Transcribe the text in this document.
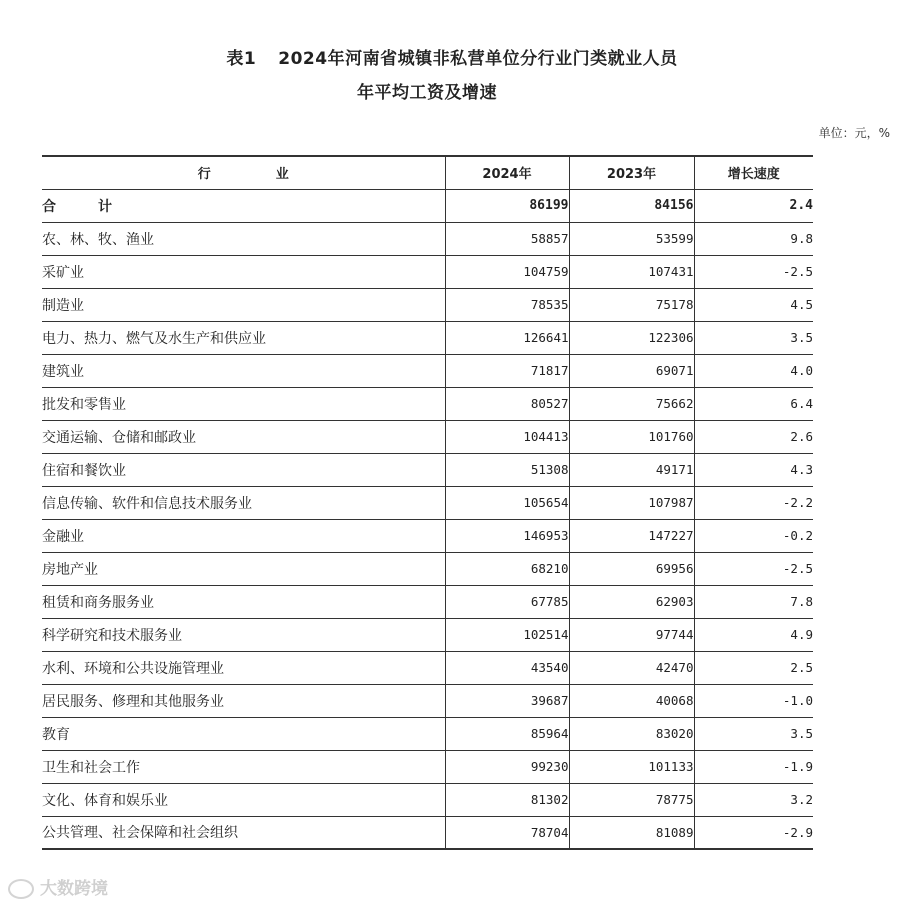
表1 2024年河南省城镇非私营单位分行业门类就业人员
年平均工资及增速
单位：元，%
行　　　　　业	2024年	2023年	增长速度
合　　　计	86199	84156	2.4
农、林、牧、渔业	58857	53599	9.8
采矿业	104759	107431	-2.5
制造业	78535	75178	4.5
电力、热力、燃气及水生产和供应业	126641	122306	3.5
建筑业	71817	69071	4.0
批发和零售业	80527	75662	6.4
交通运输、仓储和邮政业	104413	101760	2.6
住宿和餐饮业	51308	49171	4.3
信息传输、软件和信息技术服务业	105654	107987	-2.2
金融业	146953	147227	-0.2
房地产业	68210	69956	-2.5
租赁和商务服务业	67785	62903	7.8
科学研究和技术服务业	102514	97744	4.9
水利、环境和公共设施管理业	43540	42470	2.5
居民服务、修理和其他服务业	39687	40068	-1.0
教育	85964	83020	3.5
卫生和社会工作	99230	101133	-1.9
文化、体育和娱乐业	81302	78775	3.2
公共管理、社会保障和社会组织	78704	81089	-2.9
大数跨境
